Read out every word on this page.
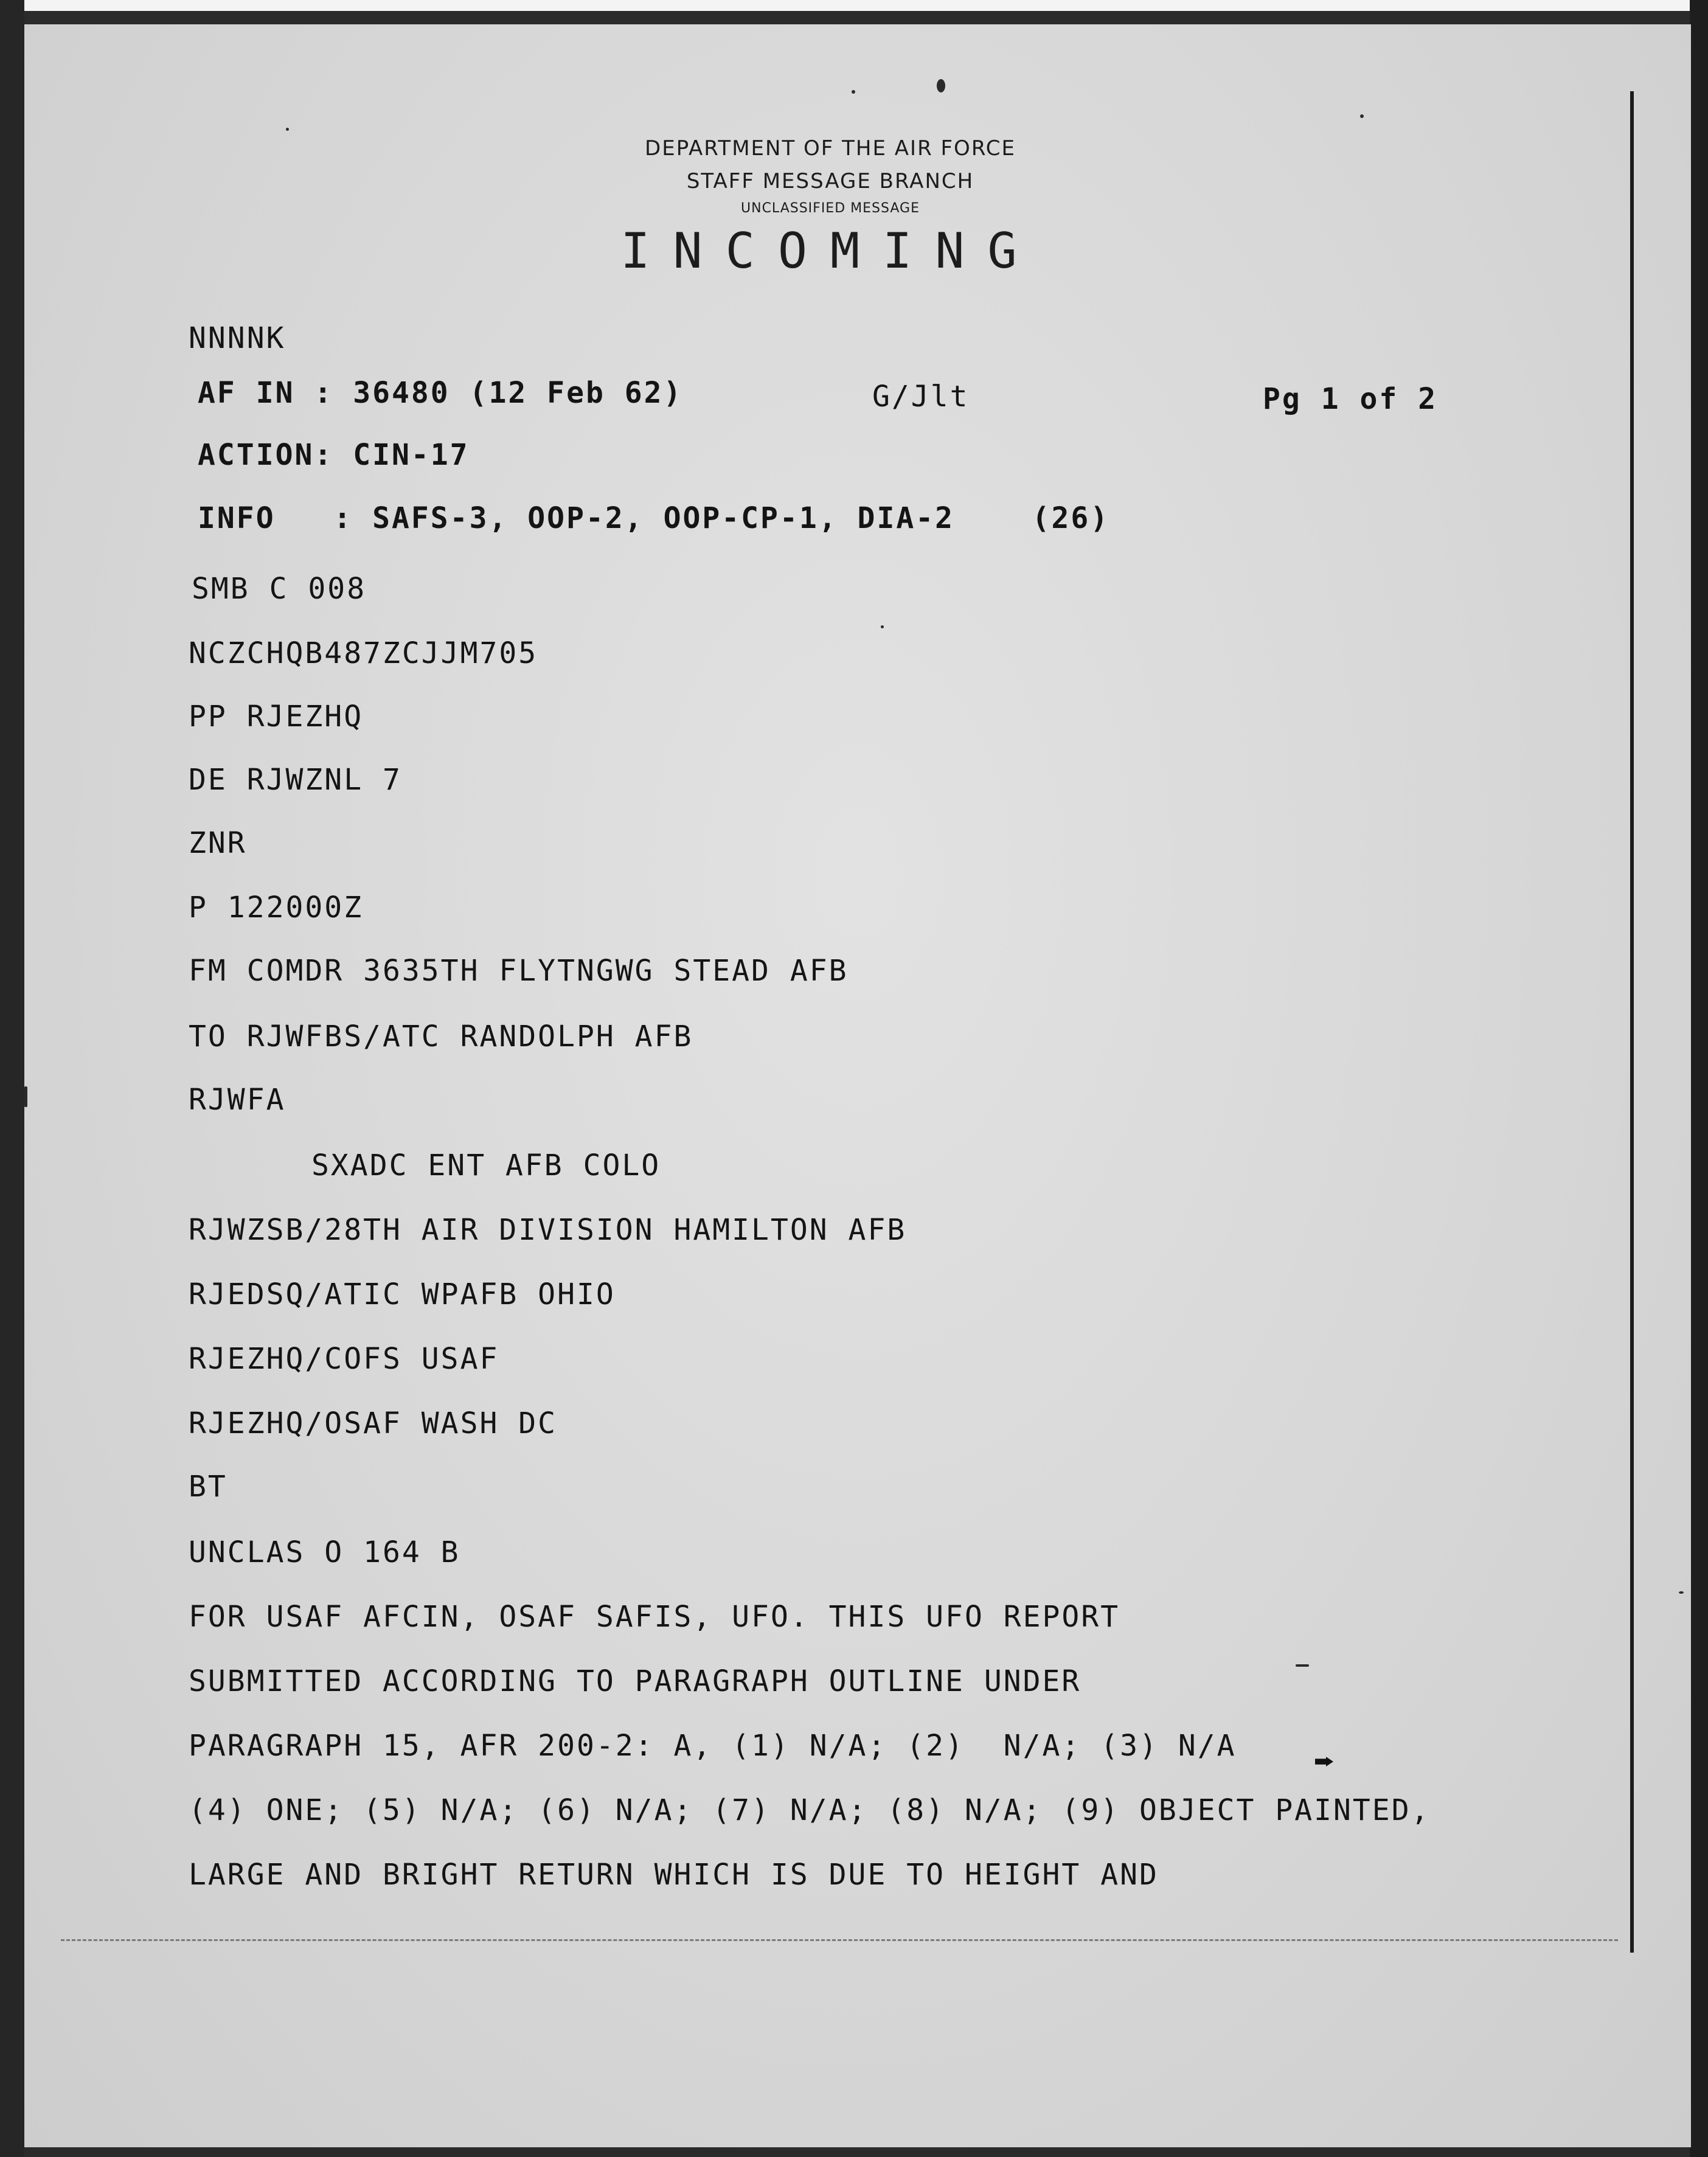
DEPARTMENT OF THE AIR FORCE
STAFF MESSAGE BRANCH
UNCLASSIFIED MESSAGE
INCOMING
NNNNK
AF IN : 36480 (12 Feb 62)	G/Jlt	Pg 1 of 2
ACTION: CIN-17
INFO   : SAFS-3, OOP-2, OOP-CP-1, DIA-2    (26)
SMB C 008
NCZCHQB487ZCJJM705
PP RJEZHQ
DE RJWZNL 7
ZNR
P 122000Z
FM COMDR 3635TH FLYTNGWG STEAD AFB
TO RJWFBS/ATC RANDOLPH AFB
RJWFA
SXADC ENT AFB COLO
RJWZSB/28TH AIR DIVISION HAMILTON AFB
RJEDSQ/ATIC WPAFB OHIO
RJEZHQ/COFS USAF
RJEZHQ/OSAF WASH DC
BT
UNCLAS O 164 B
FOR USAF AFCIN, OSAF SAFIS, UFO. THIS UFO REPORT
SUBMITTED ACCORDING TO PARAGRAPH OUTLINE UNDER
PARAGRAPH 15, AFR 200-2: A, (1) N/A; (2)  N/A; (3) N/A
(4) ONE; (5) N/A; (6) N/A; (7) N/A; (8) N/A; (9) OBJECT PAINTED,
LARGE AND BRIGHT RETURN WHICH IS DUE TO HEIGHT AND
